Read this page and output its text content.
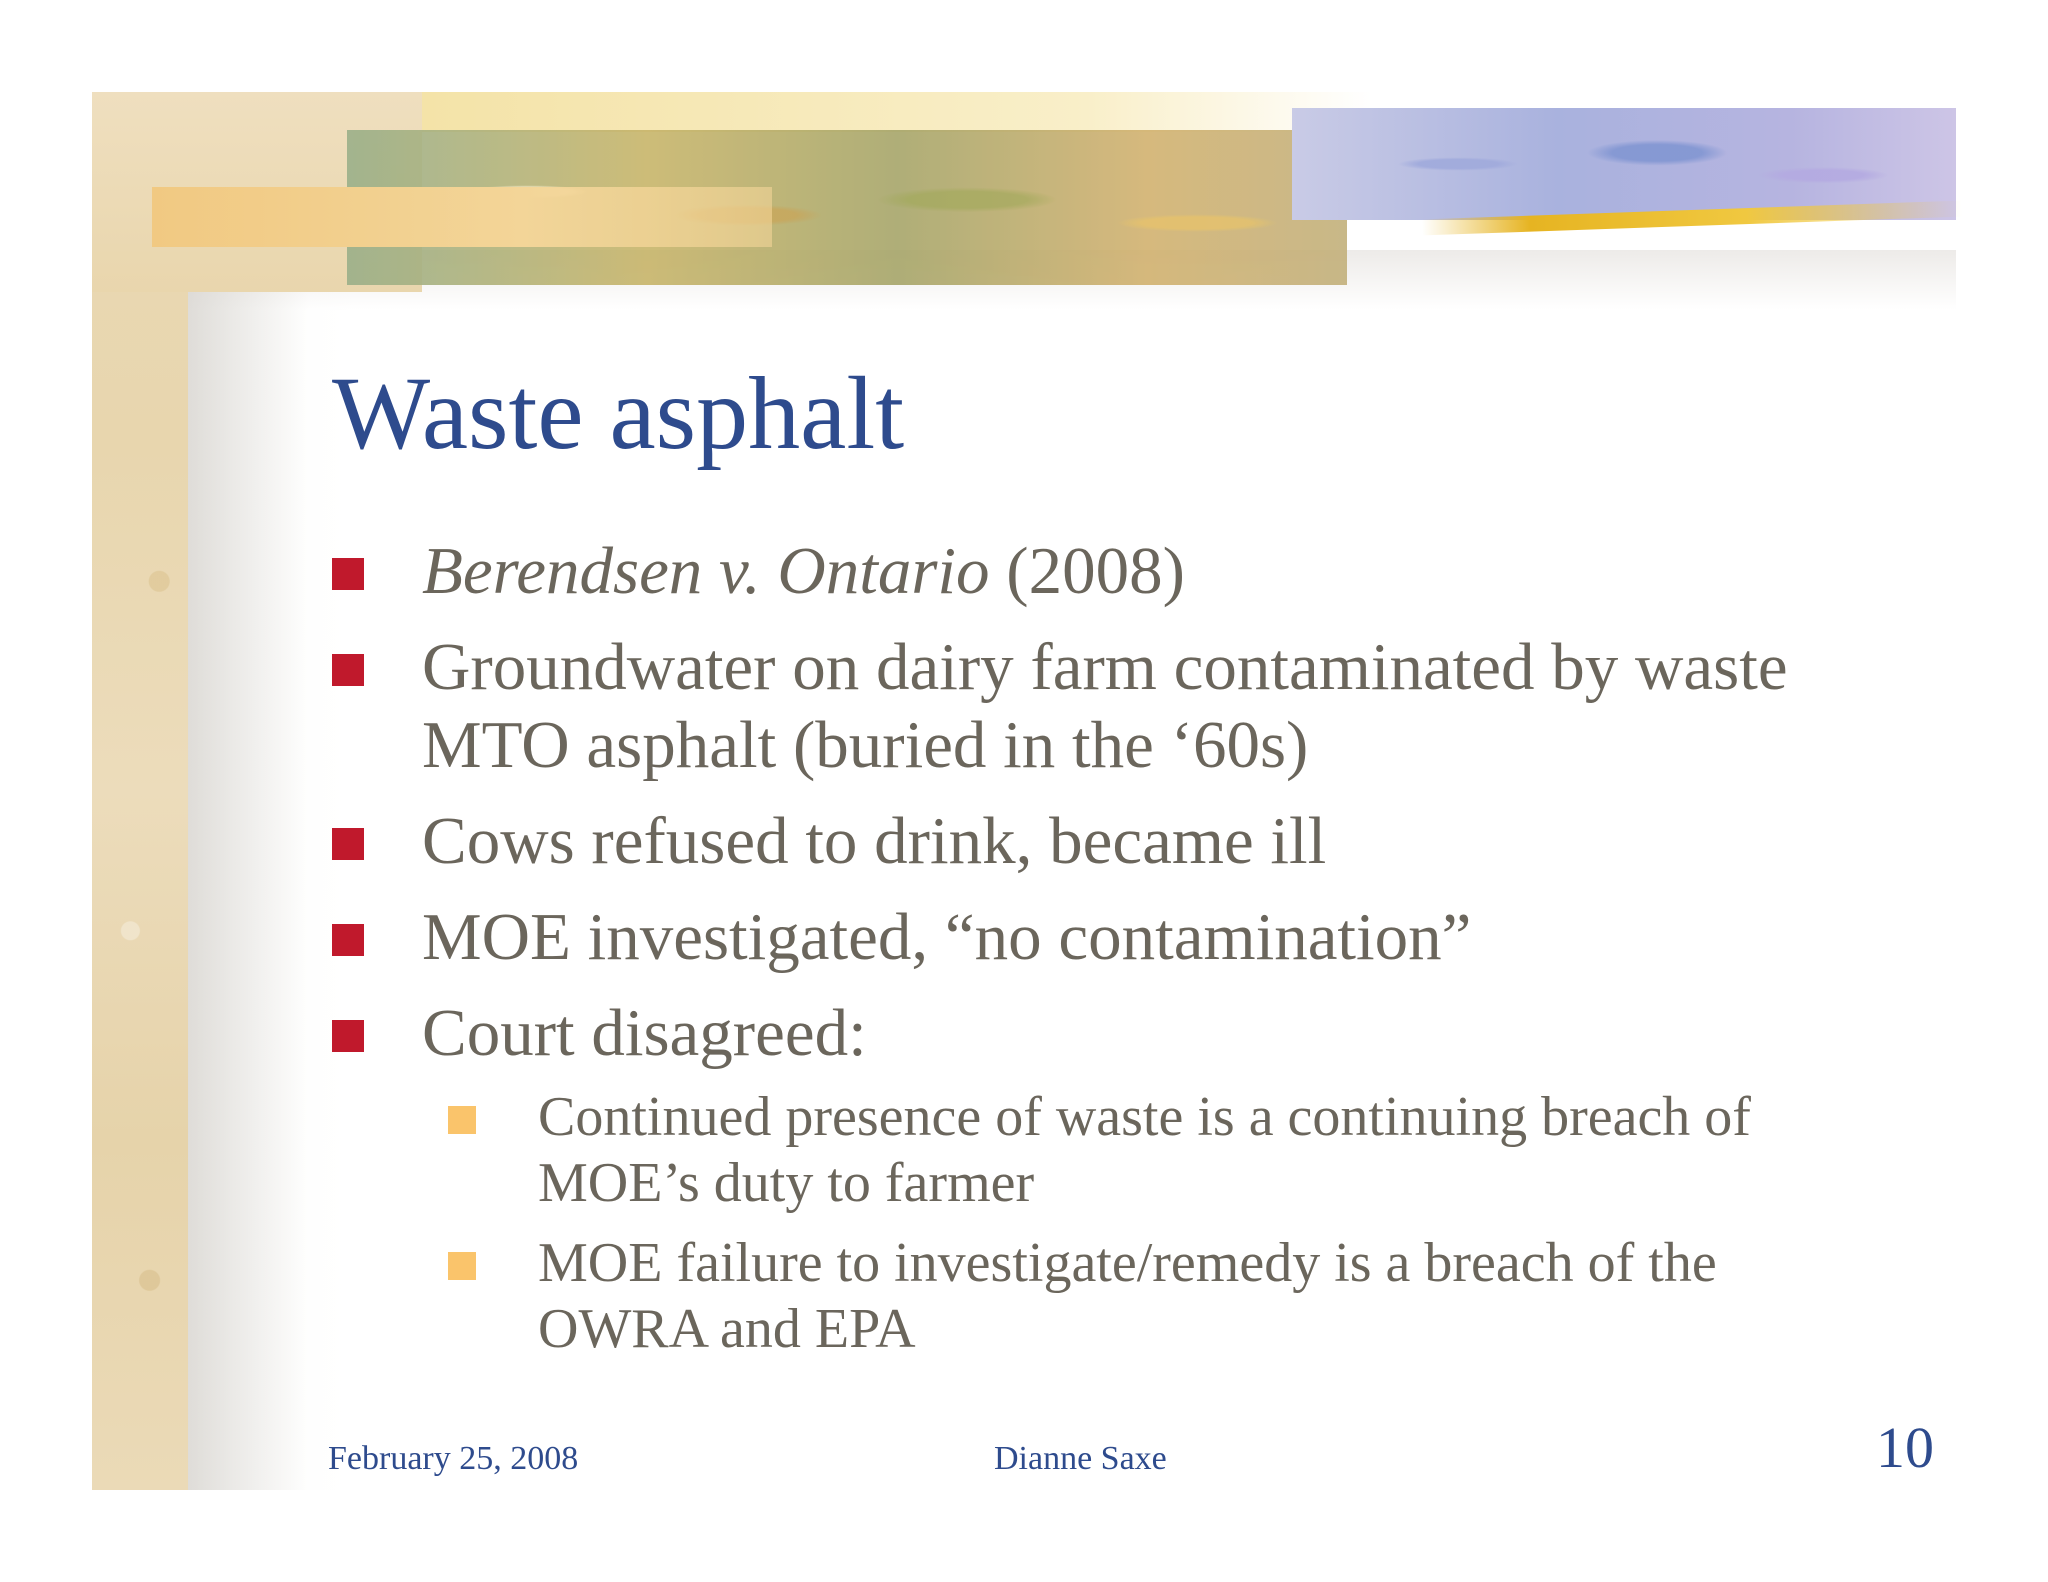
Waste asphalt
Berendsen v. Ontario (2008)
Groundwater on dairy farm contaminated by waste MTO asphalt (buried in the ‘60s)
Cows refused to drink, became ill
MOE investigated, “no contamination”
Court disagreed:
Continued presence of waste is a continuing breach of MOE’s duty to farmer
MOE failure to investigate/remedy is a breach of the OWRA and EPA
February 25, 2008	Dianne Saxe	10
